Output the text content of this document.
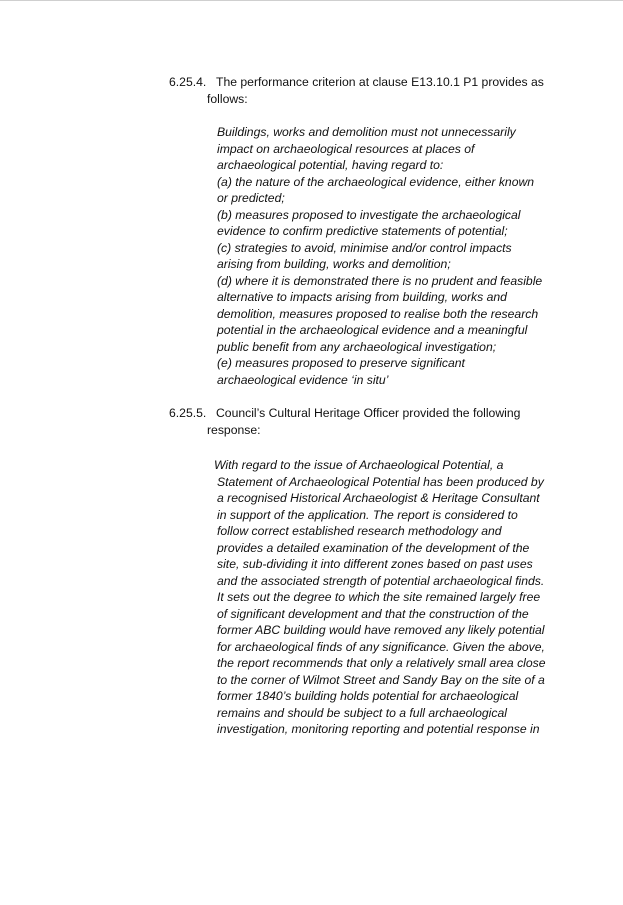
6.25.4. The performance criterion at clause E13.10.1 P1 provides as
follows:
Buildings, works and demolition must not unnecessarily
impact on archaeological resources at places of
archaeological potential, having regard to:
(a) the nature of the archaeological evidence, either known
or predicted;
(b) measures proposed to investigate the archaeological
evidence to confirm predictive statements of potential;
(c) strategies to avoid, minimise and/or control impacts
arising from building, works and demolition;
(d) where it is demonstrated there is no prudent and feasible
alternative to impacts arising from building, works and
demolition, measures proposed to realise both the research
potential in the archaeological evidence and a meaningful
public benefit from any archaeological investigation;
(e) measures proposed to preserve significant
archaeological evidence ‘in situ’
6.25.5. Council’s Cultural Heritage Officer provided the following
response:
With regard to the issue of Archaeological Potential, a
Statement of Archaeological Potential has been produced by
a recognised Historical Archaeologist & Heritage Consultant
in support of the application. The report is considered to
follow correct established research methodology and
provides a detailed examination of the development of the
site, sub-dividing it into different zones based on past uses
and the associated strength of potential archaeological finds.
It sets out the degree to which the site remained largely free
of significant development and that the construction of the
former ABC building would have removed any likely potential
for archaeological finds of any significance. Given the above,
the report recommends that only a relatively small area close
to the corner of Wilmot Street and Sandy Bay on the site of a
former 1840’s building holds potential for archaeological
remains and should be subject to a full archaeological
investigation, monitoring reporting and potential response in
